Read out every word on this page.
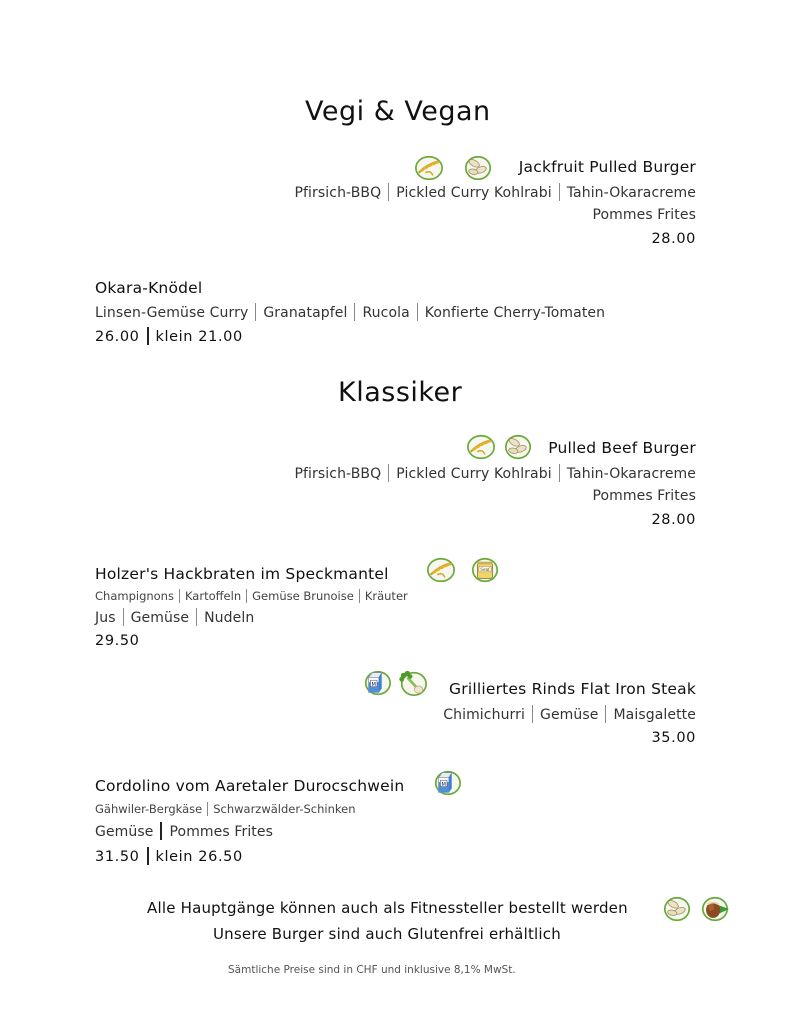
Vegi & Vegan
Jackfruit Pulled Burger
Pfirsich-BBQ Pickled Curry Kohlrabi Tahin-Okaracreme
Pommes Frites
28.00
Okara-Knödel
Linsen-Gemüse Curry Granatapfel Rucola Konfierte Cherry-Tomaten
26.00 klein 21.00
Klassiker
Pulled Beef Burger
Pfirsich-BBQ Pickled Curry Kohlrabi Tahin-Okaracreme
Pommes Frites
28.00
Holzer's Hackbraten im Speckmantel
Champignons Kartoffeln Gemüse Brunoise Kräuter
Jus Gemüse Nudeln
29.50
Grilliertes Rinds Flat Iron Steak
Chimichurri Gemüse Maisgalette
35.00
Cordolino vom Aaretaler Durocschwein
Gähwiler-Bergkäse Schwarzwälder-Schinken
Gemüse Pommes Frites
31.50 klein 26.50
Alle Hauptgänge können auch als Fitnessteller bestellt werden
Unsere Burger sind auch Glutenfrei erhältlich
Sämtliche Preise sind in CHF und inklusive 8,1% MwSt.
